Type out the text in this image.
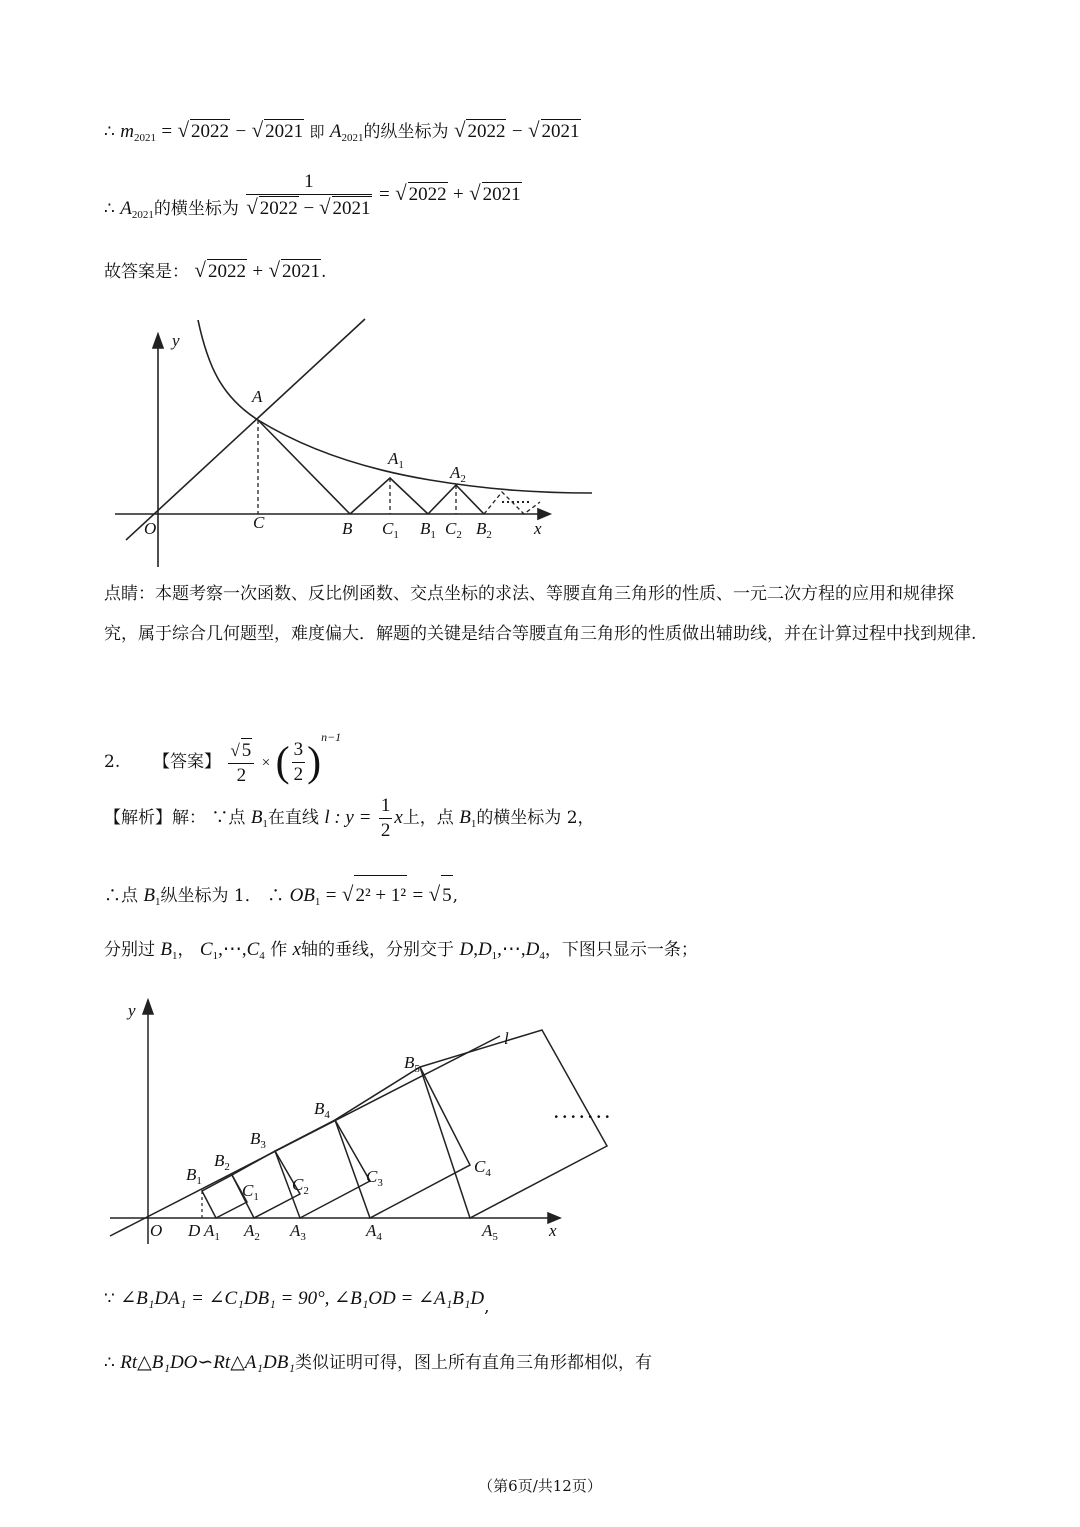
∴ $m_{2021}$ = √ 2022 − √ 2021 即 $A_{2021}$的纵坐标为 √ 2022 − √ 2021
∴ $A_{2021}$的横坐标为 $\frac{1}{√ 2022 - √ 2021}$ = √ 2022 + √ 2021
故答案是： √ 2022 + √ 2021.
y
x
O
A
C	B
$A_1$	$A_2$
$C_1$ $B_1$ $C_2$ $B_2$
点睛：本题考察一次函数、反比例函数、交点坐标的求法、等腰直角三角形的性质、一元二次方程的应用和规律探究，属于综合几何题型，难度偏大．解题的关键是结合等腰直角三角形的性质做出辅助线，并在计算过程中找到规律.
2. 【答案】 $\frac{√ 5}{2}$ × ( $\frac{3}{2} )^{n-1}$
【解析】解： ∵点 $B_1$在直线 l : $y = \frac{1}{2}$ x上，点 $B_1$的横坐标为 2，
∴点 $B_1$纵坐标为 1． ∴ $OB_1$ = √ 2² + 1² = √ 5,
分别过 $B_1$， $C_1,\cdots,C_4$ 作 x轴的垂线，分别交于 $D,D_1,\cdots,D_4$，下图只显示一条；
y
x
l
O D $A_1$ $A_2$ $A_3$	$A_4$	$A_5$
$B_1$
$B_2$
$B_3$
$B_4$
$B_5$
$C_1$
$C_2$
$C_3$
$C_4$
· · · · · · ·
∵ ∠B₁DA₁ = ∠C₁DB₁ = 90°, ∠B₁OD = ∠A₁B₁D,
∴ Rt△B₁DO∽Rt△A₁DB₁类似证明可得，图上所有直角三角形都相似，有
（第6页/共12页）
